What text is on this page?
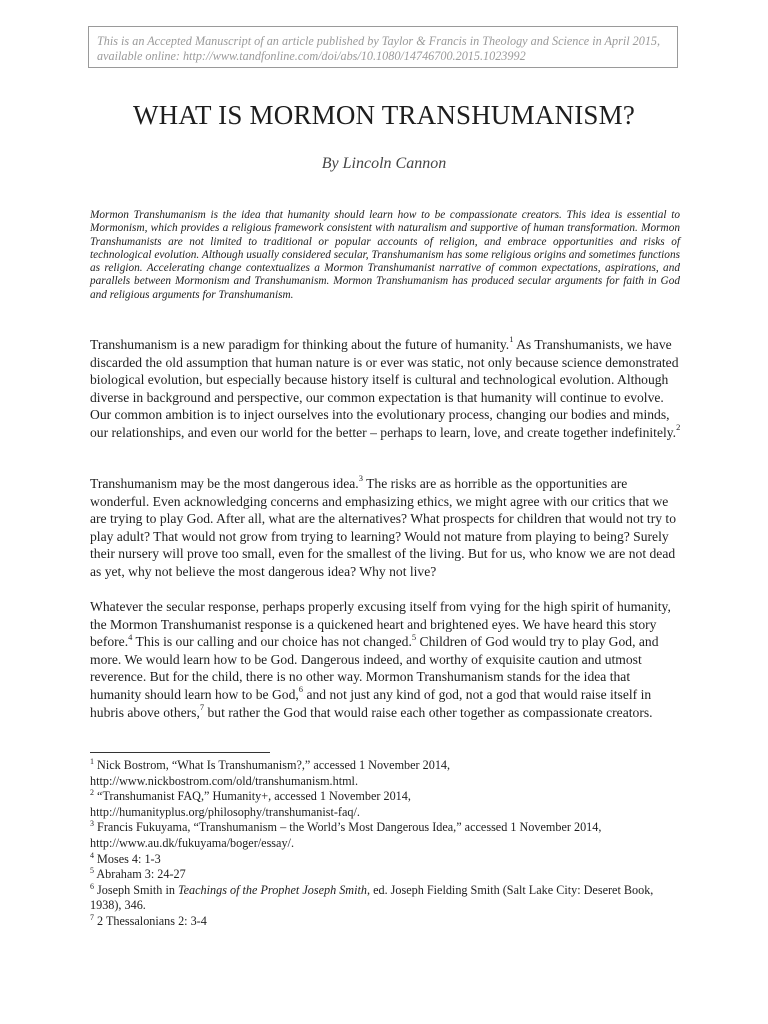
This is an Accepted Manuscript of an article published by Taylor & Francis in Theology and Science in April 2015, available online: http://www.tandfonline.com/doi/abs/10.1080/14746700.2015.1023992
WHAT IS MORMON TRANSHUMANISM?
By Lincoln Cannon

Mormon Transhumanism is the idea that humanity should learn how to be compassionate creators. This idea is essential to Mormonism, which provides a religious framework consistent with naturalism and supportive of human transformation. Mormon Transhumanists are not limited to traditional or popular accounts of religion, and embrace opportunities and risks of technological evolution. Although usually considered secular, Transhumanism has some religious origins and sometimes functions as religion. Accelerating change contextualizes a Mormon Transhumanist narrative of common expectations, aspirations, and parallels between Mormonism and Transhumanism. Mormon Transhumanism has produced secular arguments for faith in God and religious arguments for Transhumanism.

Transhumanism is a new paradigm for thinking about the future of humanity.$^1$ As Transhumanists, we have discarded the old assumption that human nature is or ever was static, not only because science demonstrated biological evolution, but especially because history itself is cultural and technological evolution. Although diverse in background and perspective, our common expectation is that humanity will continue to evolve. Our common ambition is to inject ourselves into the evolutionary process, changing our bodies and minds, our relationships, and even our world for the better – perhaps to learn, love, and create together indefinitely.$^2$

Transhumanism may be the most dangerous idea.$^3$ The risks are as horrible as the opportunities are wonderful. Even acknowledging concerns and emphasizing ethics, we might agree with our critics that we are trying to play God. After all, what are the alternatives? What prospects for children that would not try to play adult? That would not grow from trying to learning? Would not mature from playing to being? Surely their nursery will prove too small, even for the smallest of the living. But for us, who know we are not dead as yet, why not believe the most dangerous idea? Why not live?

Whatever the secular response, perhaps properly excusing itself from vying for the high spirit of humanity, the Mormon Transhumanist response is a quickened heart and brightened eyes. We have heard this story before.$^4$ This is our calling and our choice has not changed.$^5$ Children of God would try to play God, and more. We would learn how to be God. Dangerous indeed, and worthy of exquisite caution and utmost reverence. But for the child, there is no other way. Mormon Transhumanism stands for the idea that humanity should learn how to be God,$^6$ and not just any kind of god, not a god that would raise itself in hubris above others,$^7$ but rather the God that would raise each other together as compassionate creators.

$^1$ Nick Bostrom, “What Is Transhumanism?,” accessed 1 November 2014,
http://www.nickbostrom.com/old/transhumanism.html.
$^2$ “Transhumanist FAQ,” Humanity+, accessed 1 November 2014,
http://humanityplus.org/philosophy/transhumanist-faq/.
$^3$ Francis Fukuyama, “Transhumanism – the World’s Most Dangerous Idea,” accessed 1 November 2014,
http://www.au.dk/fukuyama/boger/essay/.
$^4$ Moses 4: 1-3
$^5$ Abraham 3: 24-27
$^6$ Joseph Smith in Teachings of the Prophet Joseph Smith, ed. Joseph Fielding Smith (Salt Lake City: Deseret Book,
1938), 346.
$^7$ 2 Thessalonians 2: 3-4
